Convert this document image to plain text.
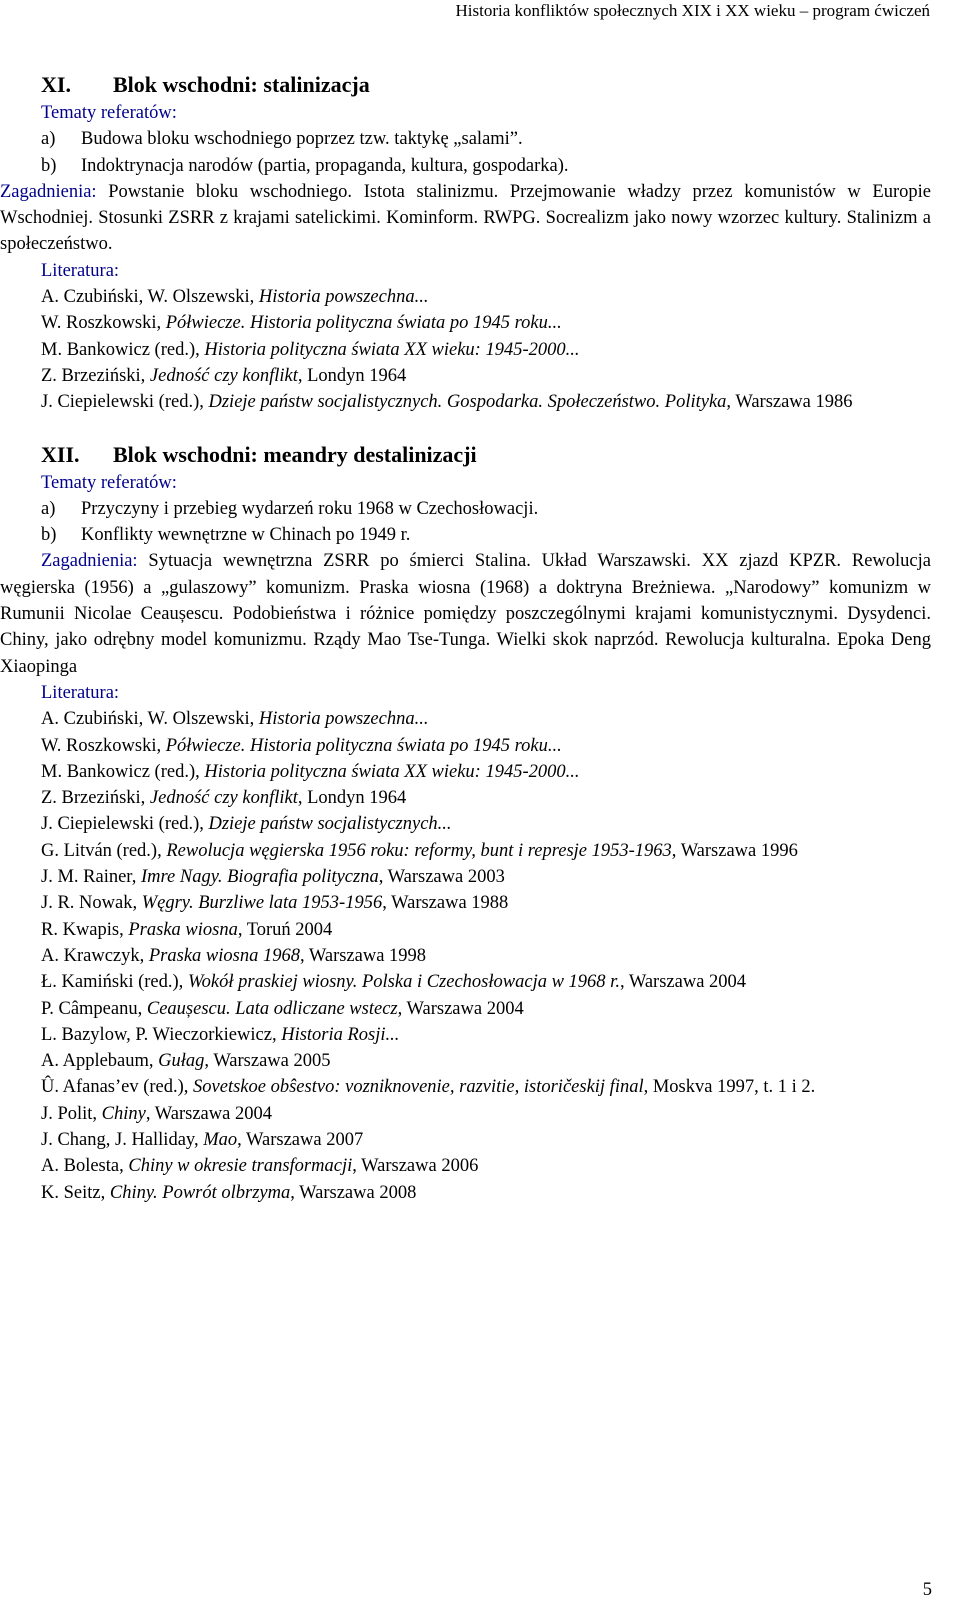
Historia konfliktów społecznych XIX i XX wieku – program ćwiczeń
XI. Blok wschodni: stalinizacja
Tematy referatów:
a) Budowa bloku wschodniego poprzez tzw. taktykę „salami”.
b) Indoktrynacja narodów (partia, propaganda, kultura, gospodarka).

Zagadnienia: Powstanie bloku wschodniego. Istota stalinizmu. Przejmowanie władzy przez komunistów w Europie Wschodniej. Stosunki ZSRR z krajami satelickimi. Kominform. RWPG. Socrealizm jako nowy wzorzec kultury. Stalinizm a społeczeństwo.

Literatura:

A. Czubiński, W. Olszewski, Historia powszechna...

W. Roszkowski, Półwiecze. Historia polityczna świata po 1945 roku...

M. Bankowicz (red.), Historia polityczna świata XX wieku: 1945-2000...

Z. Brzeziński, Jedność czy konflikt, Londyn 1964

J. Ciepielewski (red.), Dzieje państw socjalistycznych. Gospodarka. Społeczeństwo. Polityka, Warszawa 1986

XII. Blok wschodni: meandry destalinizacji
Tematy referatów:
a) Przyczyny i przebieg wydarzeń roku 1968 w Czechosłowacji.
b) Konflikty wewnętrzne w Chinach po 1949 r.

Zagadnienia: Sytuacja wewnętrzna ZSRR po śmierci Stalina. Układ Warszawski. XX zjazd KPZR. Rewolucja węgierska (1956) a „gulaszowy” komunizm. Praska wiosna (1968) a doktryna Breżniewa. „Narodowy” komunizm w Rumunii Nicolae Ceaușescu. Podobieństwa i różnice pomiędzy poszczególnymi krajami komunistycznymi. Dysydenci. Chiny, jako odrębny model komunizmu. Rządy Mao Tse-Tunga. Wielki skok naprzód. Rewolucja kulturalna. Epoka Deng Xiaopinga

Literatura:

A. Czubiński, W. Olszewski, Historia powszechna...

W. Roszkowski, Półwiecze. Historia polityczna świata po 1945 roku...

M. Bankowicz (red.), Historia polityczna świata XX wieku: 1945-2000...

Z. Brzeziński, Jedność czy konflikt, Londyn 1964

J. Ciepielewski (red.), Dzieje państw socjalistycznych...

G. Litván (red.), Rewolucja węgierska 1956 roku: reformy, bunt i represje 1953-1963, Warszawa 1996

J. M. Rainer, Imre Nagy. Biografia polityczna, Warszawa 2003

J. R. Nowak, Węgry. Burzliwe lata 1953-1956, Warszawa 1988

R. Kwapis, Praska wiosna, Toruń 2004

A. Krawczyk, Praska wiosna 1968, Warszawa 1998

Ł. Kamiński (red.), Wokół praskiej wiosny. Polska i Czechosłowacja w 1968 r., Warszawa 2004

P. Câmpeanu, Ceaușescu. Lata odliczane wstecz, Warszawa 2004

L. Bazylow, P. Wieczorkiewicz, Historia Rosji...

A. Applebaum, Gułag, Warszawa 2005

Û. Afanas’ev (red.), Sovetskoe obŝestvo: vozniknovenie, razvitie, istoričeskij final, Moskva 1997, t. 1 i 2.

J. Polit, Chiny, Warszawa 2004

J. Chang, J. Halliday, Mao, Warszawa 2007

A. Bolesta, Chiny w okresie transformacji, Warszawa 2006

K. Seitz, Chiny. Powrót olbrzyma, Warszawa 2008

5
